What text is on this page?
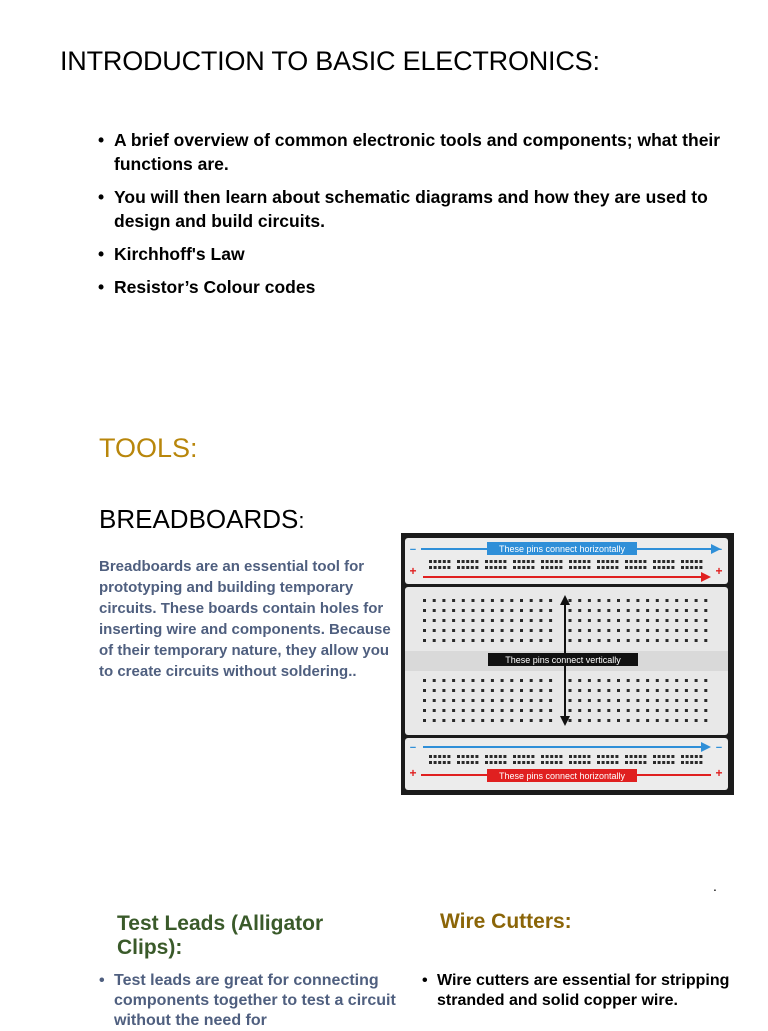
INTRODUCTION TO BASIC ELECTRONICS:
• A brief overview of common electronic tools and components; what their functions are.
• You will then learn about schematic diagrams and how they are used to design and build circuits.
• Kirchhoff's Law
• Resistor’s Colour codes
TOOLS:
BREADBOARDS:
Breadboards are an essential tool for prototyping and building temporary circuits. These boards contain holes for inserting wire and components. Because of their temporary nature, they allow you to create circuits without soldering..
These pins connect horizontally
These pins connect vertically
These pins connect horizontally
−	−
+	+
−	−
+	+
.
Test Leads (Alligator Clips):
Wire Cutters:
• Test leads are great for connecting components together to test a circuit without the need for
• Wire cutters are essential for stripping stranded and solid copper wire.
